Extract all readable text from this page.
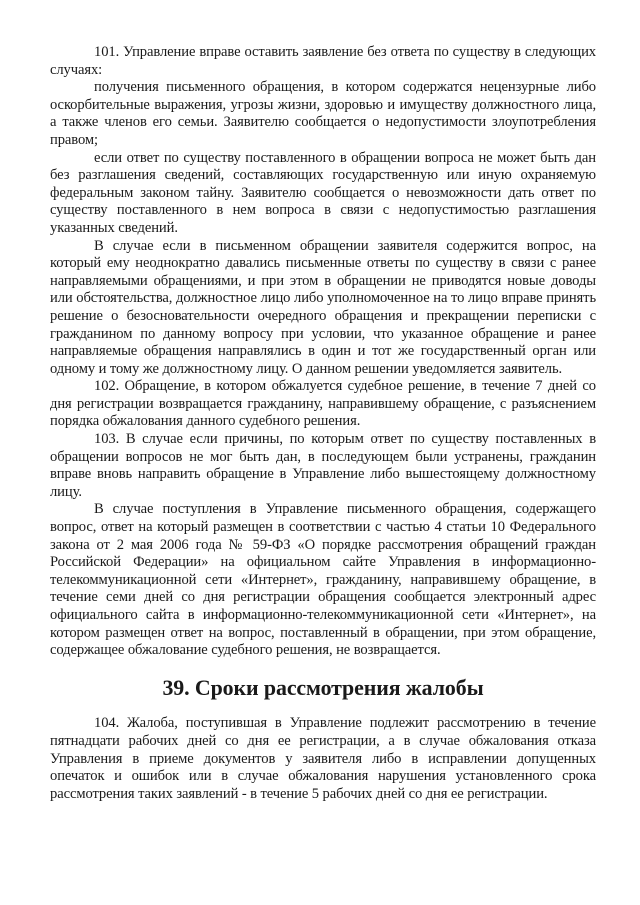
101. Управление вправе оставить заявление без ответа по существу в следующих случаях:

получения письменного обращения, в котором содержатся нецензурные либо оскорбительные выражения, угрозы жизни, здоровью и имуществу должностного лица, а также членов его семьи. Заявителю сообщается о недопустимости злоупотребления правом;

если ответ по существу поставленного в обращении вопроса не может быть дан без разглашения сведений, составляющих государственную или иную охраняемую федеральным законом тайну. Заявителю сообщается о невозможности дать ответ по существу поставленного в нем вопроса в связи с недопустимостью разглашения указанных сведений.

В случае если в письменном обращении заявителя содержится вопрос, на который ему неоднократно давались письменные ответы по существу в связи с ранее направляемыми обращениями, и при этом в обращении не приводятся новые доводы или обстоятельства, должностное лицо либо уполномоченное на то лицо вправе принять решение о безосновательности очередного обращения и прекращении переписки с гражданином по данному вопросу при условии, что указанное обращение и ранее направляемые обращения направлялись в один и тот же государственный орган или одному и тому же должностному лицу. О данном решении уведомляется заявитель.

102. Обращение, в котором обжалуется судебное решение, в течение 7 дней со дня регистрации возвращается гражданину, направившему обращение, с разъяснением порядка обжалования данного судебного решения.

103. В случае если причины, по которым ответ по существу поставленных в обращении вопросов не мог быть дан, в последующем были устранены, гражданин вправе вновь направить обращение в Управление либо вышестоящему должностному лицу.

В случае поступления в Управление письменного обращения, содержащего вопрос, ответ на который размещен в соответствии с частью 4 статьи 10 Федерального закона от 2 мая 2006 года № 59-ФЗ «О порядке рассмотрения обращений граждан Российской Федерации» на официальном сайте Управления в информационно-телекоммуникационной сети «Интернет», гражданину, направившему обращение, в течение семи дней со дня регистрации обращения сообщается электронный адрес официального сайта в информационно-телекоммуникационной сети «Интернет», на котором размещен ответ на вопрос, поставленный в обращении, при этом обращение, содержащее обжалование судебного решения, не возвращается.

39. Сроки рассмотрения жалобы

104. Жалоба, поступившая в Управление подлежит рассмотрению в течение пятнадцати рабочих дней со дня ее регистрации, а в случае обжалования отказа Управления в приеме документов у заявителя либо в исправлении допущенных опечаток и ошибок или в случае обжалования нарушения установленного срока рассмотрения таких заявлений - в течение 5 рабочих дней со дня ее регистрации.
